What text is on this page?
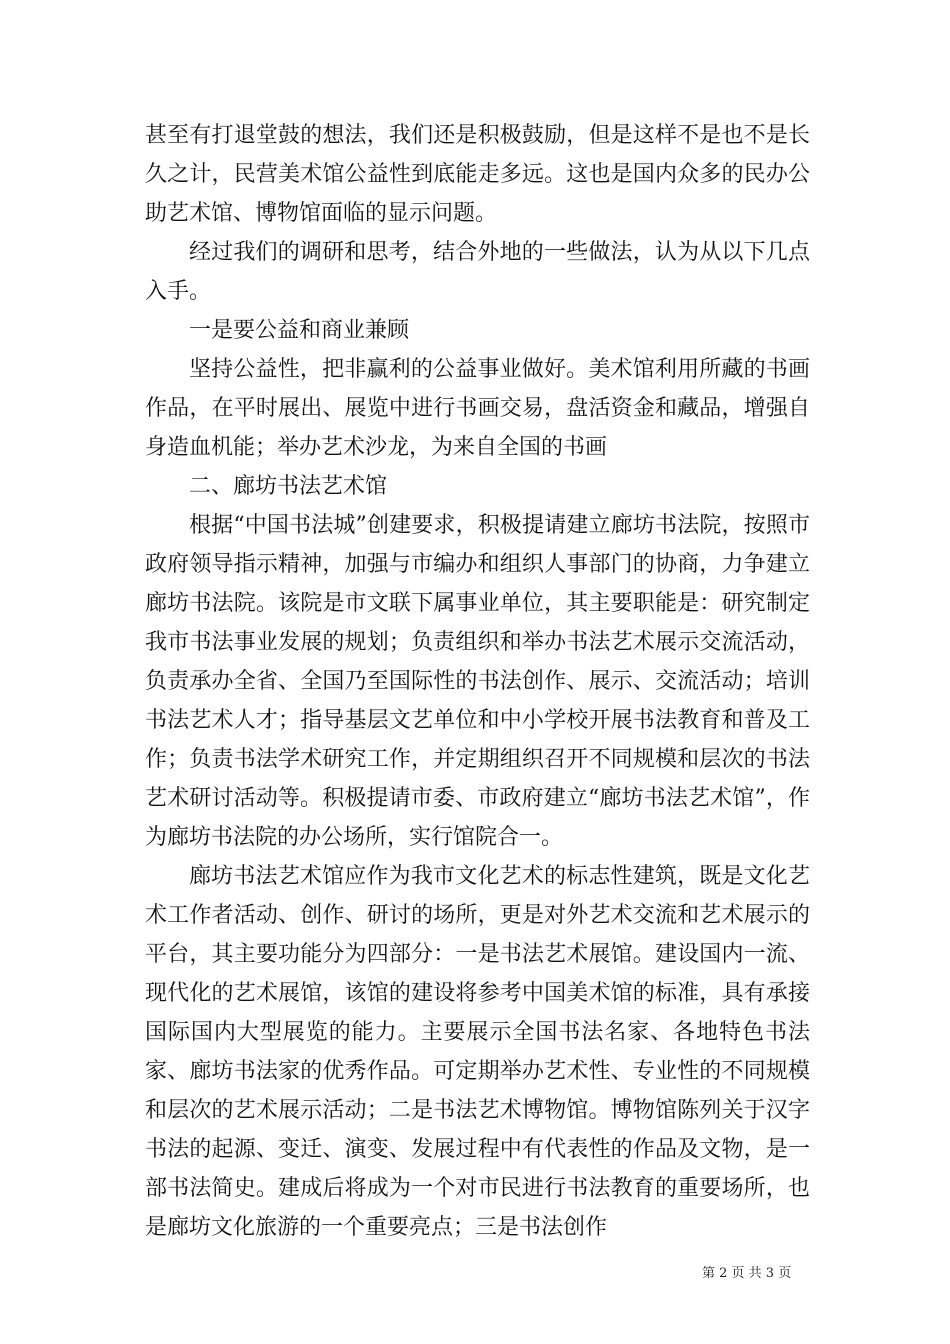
甚至有打退堂鼓的想法，我们还是积极鼓励，但是这样不是也不是长久之计，民营美术馆公益性到底能走多远。这也是国内众多的民办公助艺术馆、博物馆面临的显示问题。

经过我们的调研和思考，结合外地的一些做法，认为从以下几点入手。

一是要公益和商业兼顾

坚持公益性，把非赢利的公益事业做好。美术馆利用所藏的书画作品，在平时展出、展览中进行书画交易，盘活资金和藏品，增强自身造血机能；举办艺术沙龙，为来自全国的书画

二、廊坊书法艺术馆

根据“中国书法城”创建要求，积极提请建立廊坊书法院，按照市政府领导指示精神，加强与市编办和组织人事部门的协商，力争建立廊坊书法院。该院是市文联下属事业单位，其主要职能是：研究制定我市书法事业发展的规划；负责组织和举办书法艺术展示交流活动，负责承办全省、全国乃至国际性的书法创作、展示、交流活动；培训书法艺术人才；指导基层文艺单位和中小学校开展书法教育和普及工作；负责书法学术研究工作，并定期组织召开不同规模和层次的书法艺术研讨活动等。积极提请市委、市政府建立“廊坊书法艺术馆”，作为廊坊书法院的办公场所，实行馆院合一。

廊坊书法艺术馆应作为我市文化艺术的标志性建筑，既是文化艺术工作者活动、创作、研讨的场所，更是对外艺术交流和艺术展示的平台，其主要功能分为四部分：一是书法艺术展馆。建设国内一流、现代化的艺术展馆，该馆的建设将参考中国美术馆的标准，具有承接国际国内大型展览的能力。主要展示全国书法名家、各地特色书法家、廊坊书法家的优秀作品。可定期举办艺术性、专业性的不同规模和层次的艺术展示活动；二是书法艺术博物馆。博物馆陈列关于汉字书法的起源、变迁、演变、发展过程中有代表性的作品及文物，是一部书法简史。建成后将成为一个对市民进行书法教育的重要场所，也是廊坊文化旅游的一个重要亮点；三是书法创作

第 2 页 共 3 页
